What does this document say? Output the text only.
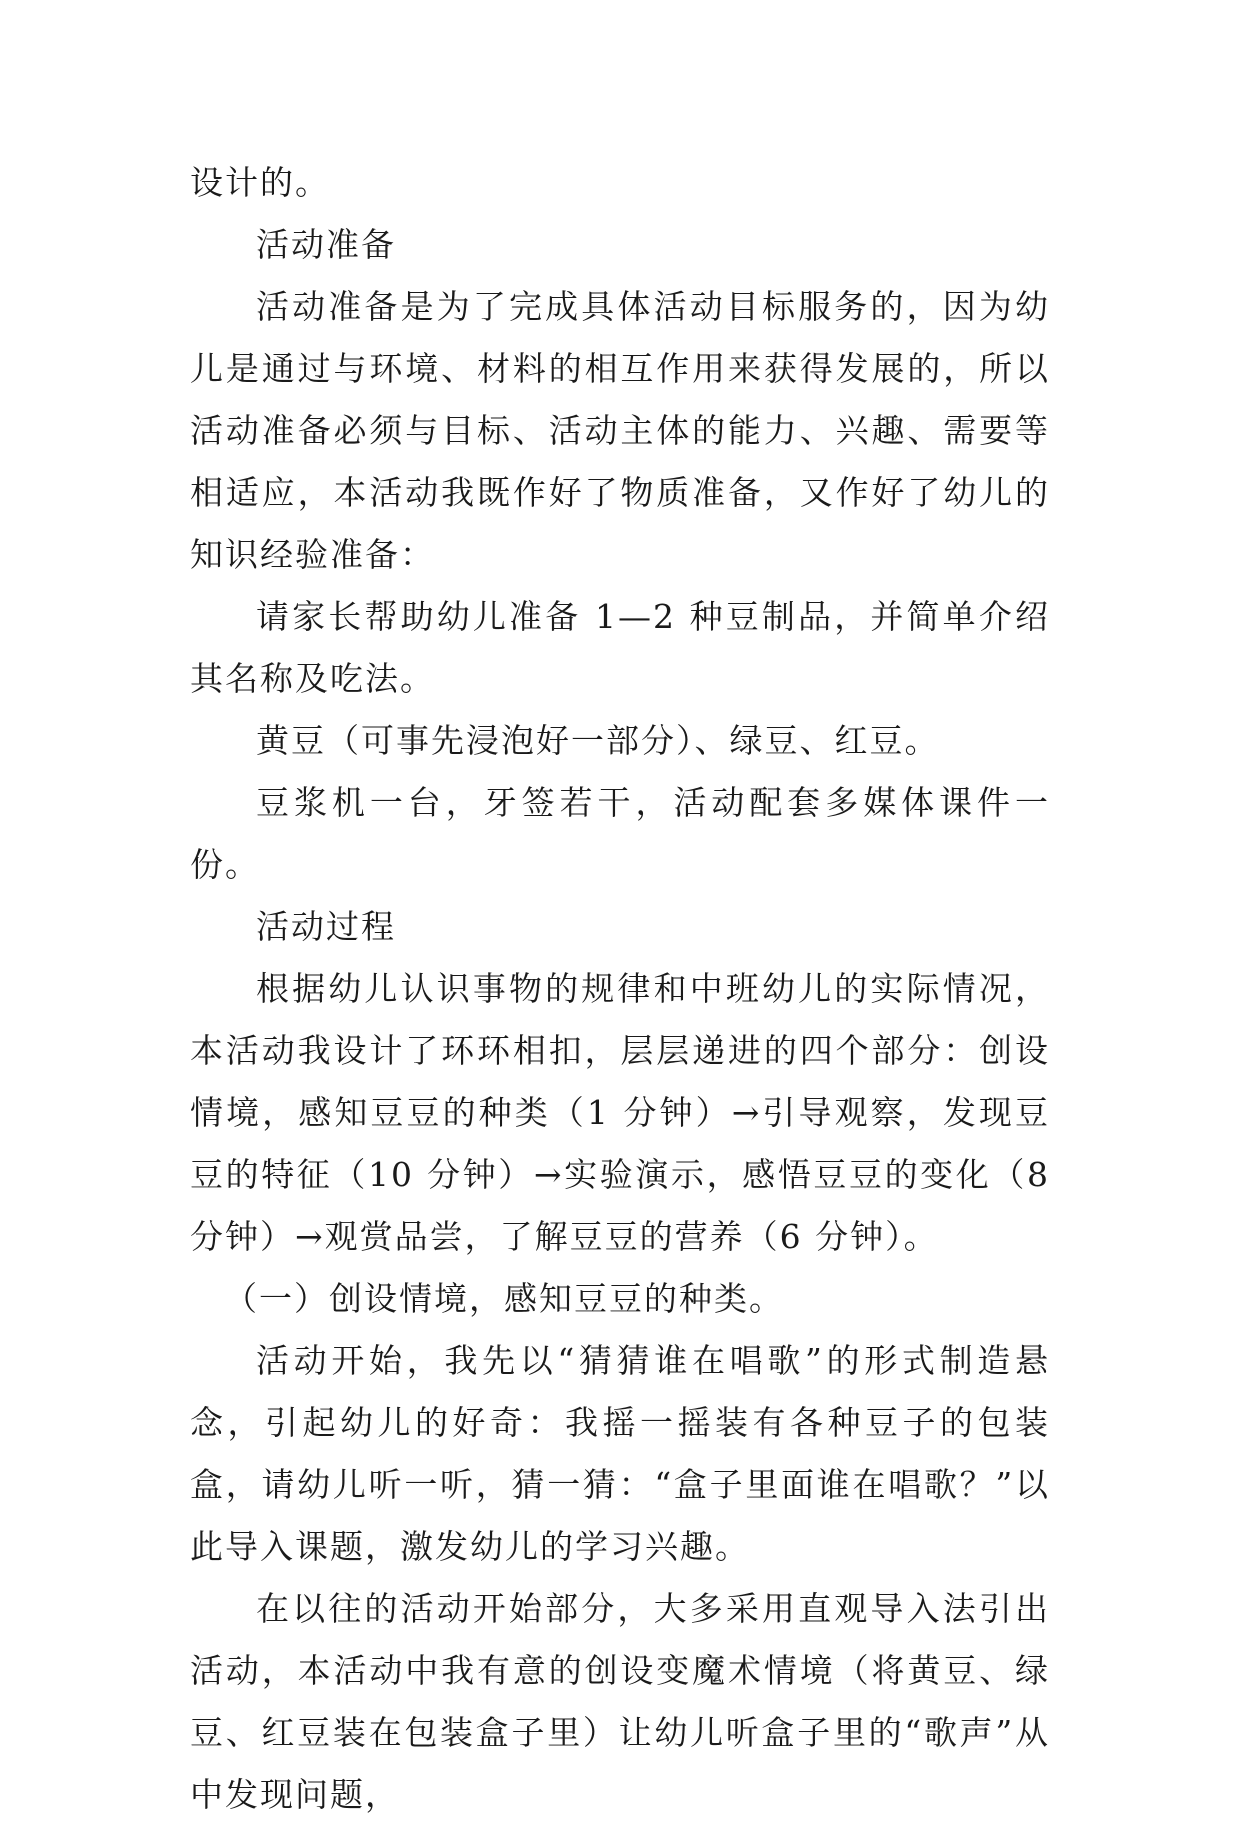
设计的。

活动准备

活动准备是为了完成具体活动目标服务的，因为幼儿是通过与环境、材料的相互作用来获得发展的，所以活动准备必须与目标、活动主体的能力、兴趣、需要等相适应，本活动我既作好了物质准备，又作好了幼儿的知识经验准备：

请家长帮助幼儿准备 1—2 种豆制品，并简单介绍其名称及吃法。

黄豆（可事先浸泡好一部分）、绿豆、红豆。

豆浆机一台，牙签若干，活动配套多媒体课件一份。

活动过程

根据幼儿认识事物的规律和中班幼儿的实际情况，本活动我设计了环环相扣，层层递进的四个部分：创设情境，感知豆豆的种类（1 分钟）→引导观察，发现豆豆的特征（10 分钟）→实验演示，感悟豆豆的变化（8 分钟）→观赏品尝，了解豆豆的营养（6 分钟）。

（一）创设情境，感知豆豆的种类。

活动开始，我先以“猜猜谁在唱歌”的形式制造悬念，引起幼儿的好奇：我摇一摇装有各种豆子的包装盒，请幼儿听一听，猜一猜：“盒子里面谁在唱歌？”以此导入课题，激发幼儿的学习兴趣。

在以往的活动开始部分，大多采用直观导入法引出活动，本活动中我有意的创设变魔术情境（将黄豆、绿豆、红豆装在包装盒子里）让幼儿听盒子里的“歌声”从中发现问题，
